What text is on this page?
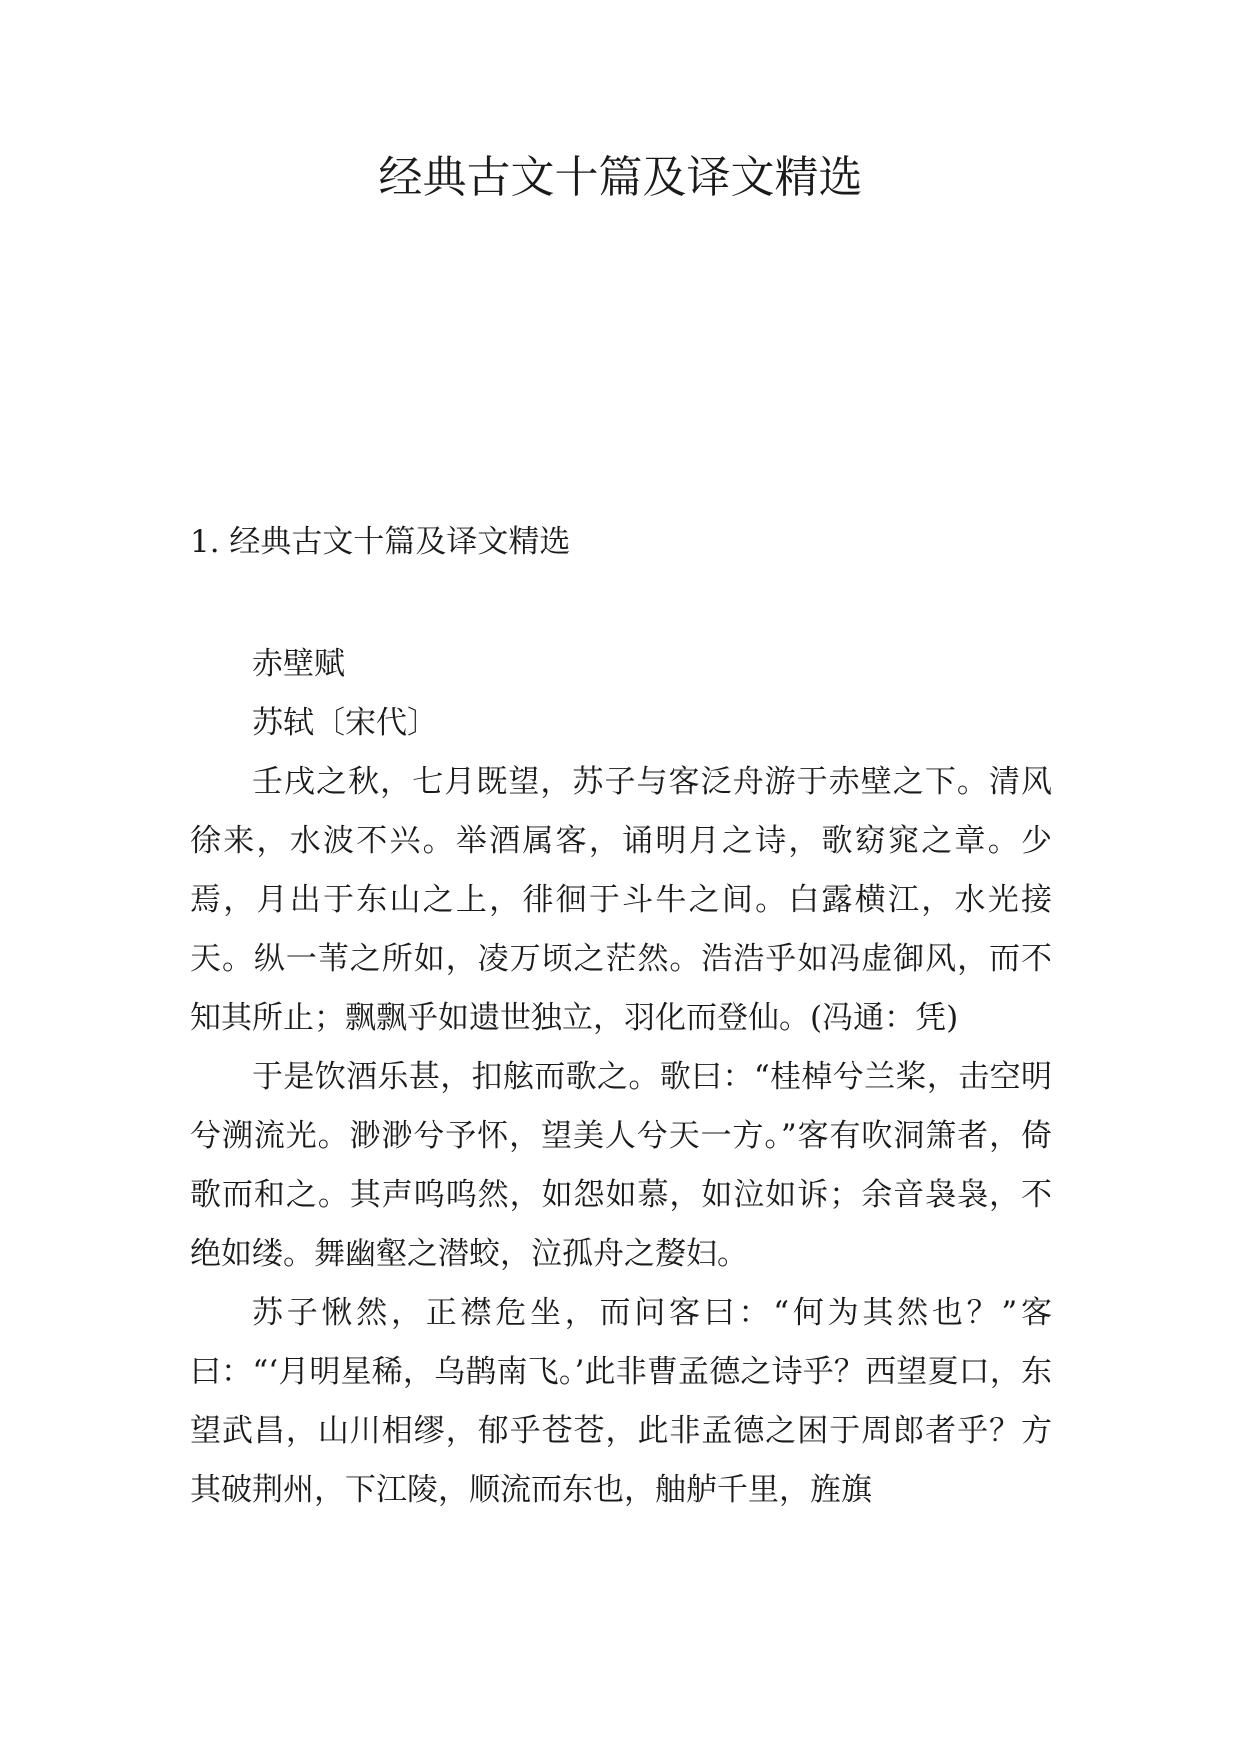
经典古文十篇及译文精选
1. 经典古文十篇及译文精选

赤壁赋

苏轼〔宋代〕

壬戌之秋，七月既望，苏子与客泛舟游于赤壁之下。清风徐来，水波不兴。举酒属客，诵明月之诗，歌窈窕之章。少焉，月出于东山之上，徘徊于斗牛之间。白露横江，水光接天。纵一苇之所如，凌万顷之茫然。浩浩乎如冯虚御风，而不知其所止；飘飘乎如遗世独立，羽化而登仙。(冯通：凭)

于是饮酒乐甚，扣舷而歌之。歌曰：“桂棹兮兰桨，击空明兮溯流光。渺渺兮予怀，望美人兮天一方。”客有吹洞箫者，倚歌而和之。其声呜呜然，如怨如慕，如泣如诉；余音袅袅，不绝如缕。舞幽壑之潜蛟，泣孤舟之嫠妇。

苏子愀然，正襟危坐，而问客曰：“何为其然也？”客曰：“‘月明星稀，乌鹊南飞。’此非曹孟德之诗乎？西望夏口，东望武昌，山川相缪，郁乎苍苍，此非孟德之困于周郎者乎？方其破荆州，下江陵，顺流而东也，舳舻千里，旌旗
